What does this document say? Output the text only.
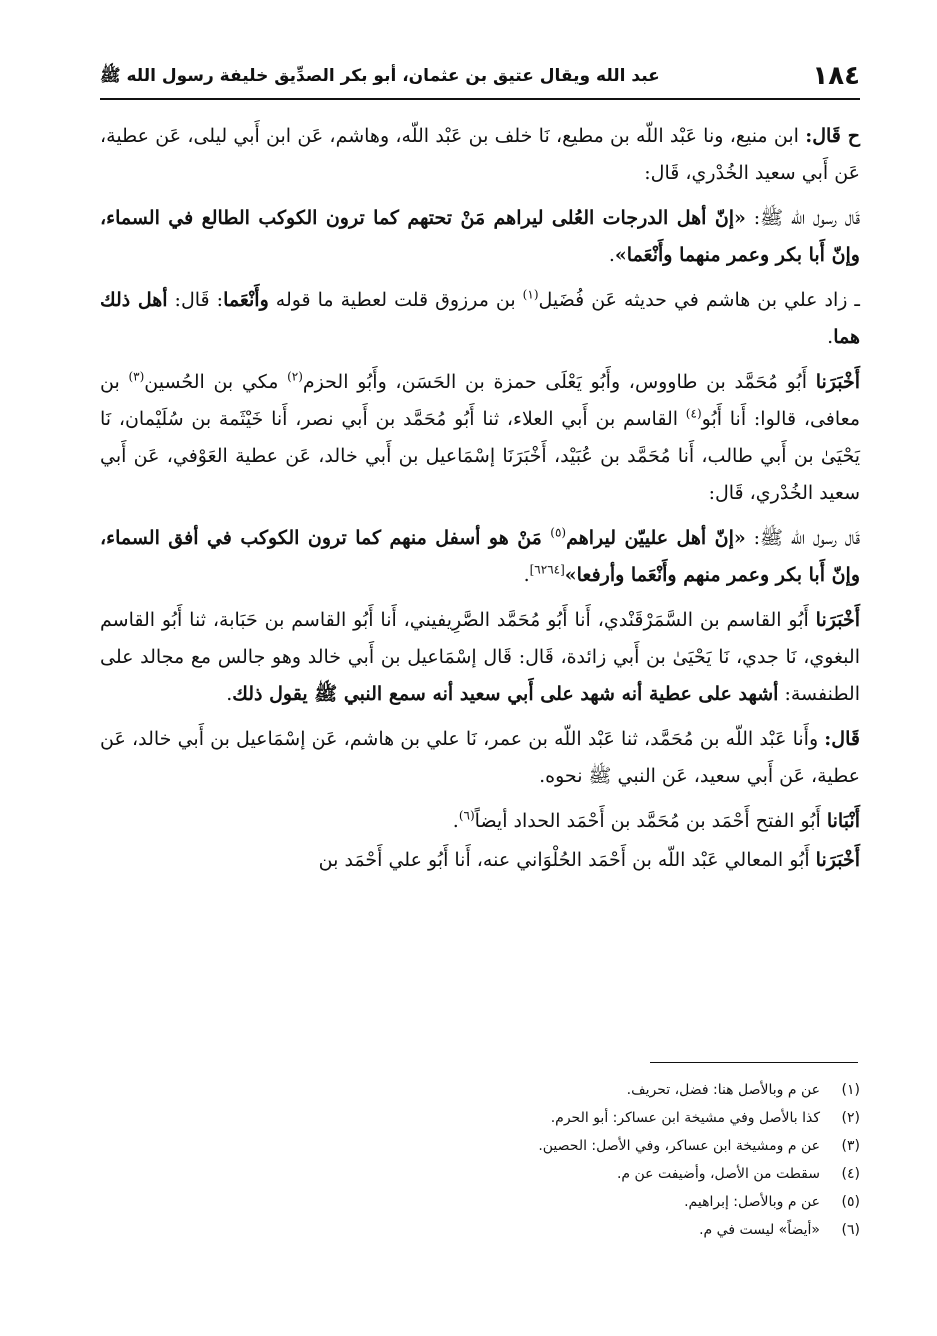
١٨٤
عبد الله ويقال عتيق بن عثمان، أبو بكر الصدِّيق خليفة رسول الله ﷺ

ح قَال: ابن منيع، ونا عَبْد اللّه بن مطيع، نَا خلف بن عَبْد اللّه، وهاشم، عَن ابن أَبي ليلى، عَن عطية، عَن أَبي سعيد الخُدْري، قَال:

قَال رسول الله ﷺ: «إنّ أهل الدرجات العُلى ليراهم مَنْ تحتهم كما ترون الكوكب الطالع في السماء، وإنّ أَبا بكر وعمر منهما وأَنْعَما».

ـ زاد علي بن هاشم في حديثه عَن فُضَيل$^{(١)}$ بن مرزوق قلت لعطية ما قوله وأَنْعَما: قَال: أهل ذلك هما.

أَخْبَرَنا أَبُو مُحَمَّد بن طاووس، وأَبُو يَعْلَى حمزة بن الحَسَن، وأَبُو الحزم$^{(٢)}$ مكي بن الحُسين$^{(٣)}$ بن معافى، قالوا: أَنا أَبُو$^{(٤)}$ القاسم بن أَبي العلاء، ثنا أَبُو مُحَمَّد بن أَبي نصر، أَنا خَيْثَمة بن سُلَيْمان، نَا يَحْيَىٰ بن أَبي طالب، أَنا مُحَمَّد بن عُبَيْد، أَخْبَرَنَا إسْمَاعيل بن أَبي خالد، عَن عطية العَوْفي، عَن أَبي سعيد الخُدْري، قَال:

قَال رسول الله ﷺ: «إنّ أهل علييّن ليراهم$^{(٥)}$ مَنْ هو أسفل منهم كما ترون الكوكب في أفق السماء، وإنّ أَبا بكر وعمر منهم وأَنْعَما وأرفعا»[٦٢٦٤].

أَخْبَرَنا أَبُو القاسم بن السَّمَرْقَنْدي، أَنا أَبُو مُحَمَّد الصَّرِيفيني، أَنا أَبُو القاسم بن حَبَابة، ثنا أَبُو القاسم البغوي، نَا جدي، نَا يَحْيَىٰ بن أَبي زائدة، قَال: قَال إسْمَاعيل بن أَبي خالد وهو جالس مع مجالد على الطنفسة: أشهد على عطية أنه شهد على أَبي سعيد أنه سمع النبي ﷺ يقول ذلك.

قَال: وأَنا عَبْد اللّه بن مُحَمَّد، ثنا عَبْد اللّه بن عمر، نَا علي بن هاشم، عَن إسْمَاعيل بن أَبي خالد، عَن عطية، عَن أَبي سعيد، عَن النبي ﷺ نحوه.

أَنْبَانا أَبُو الفتح أَحْمَد بن مُحَمَّد بن أَحْمَد الحداد أيضاً$^{(٦)}$.

أَخْبَرَنا أَبُو المعالي عَبْد اللّه بن أَحْمَد الحُلْوَاني عنه، أَنا أَبُو علي أَحْمَد بن

(١)
عن م وبالأصل هنا: فضل، تحريف.
(٢)
كذا بالأصل وفي مشيخة ابن عساكر: أبو الحرم.
(٣)
عن م ومشيخة ابن عساكر، وفي الأصل: الحصين.
(٤)
سقطت من الأصل، وأضيفت عن م.
(٥)
عن م وبالأصل: إبراهيم.
(٦)
«أيضاً» ليست في م.
